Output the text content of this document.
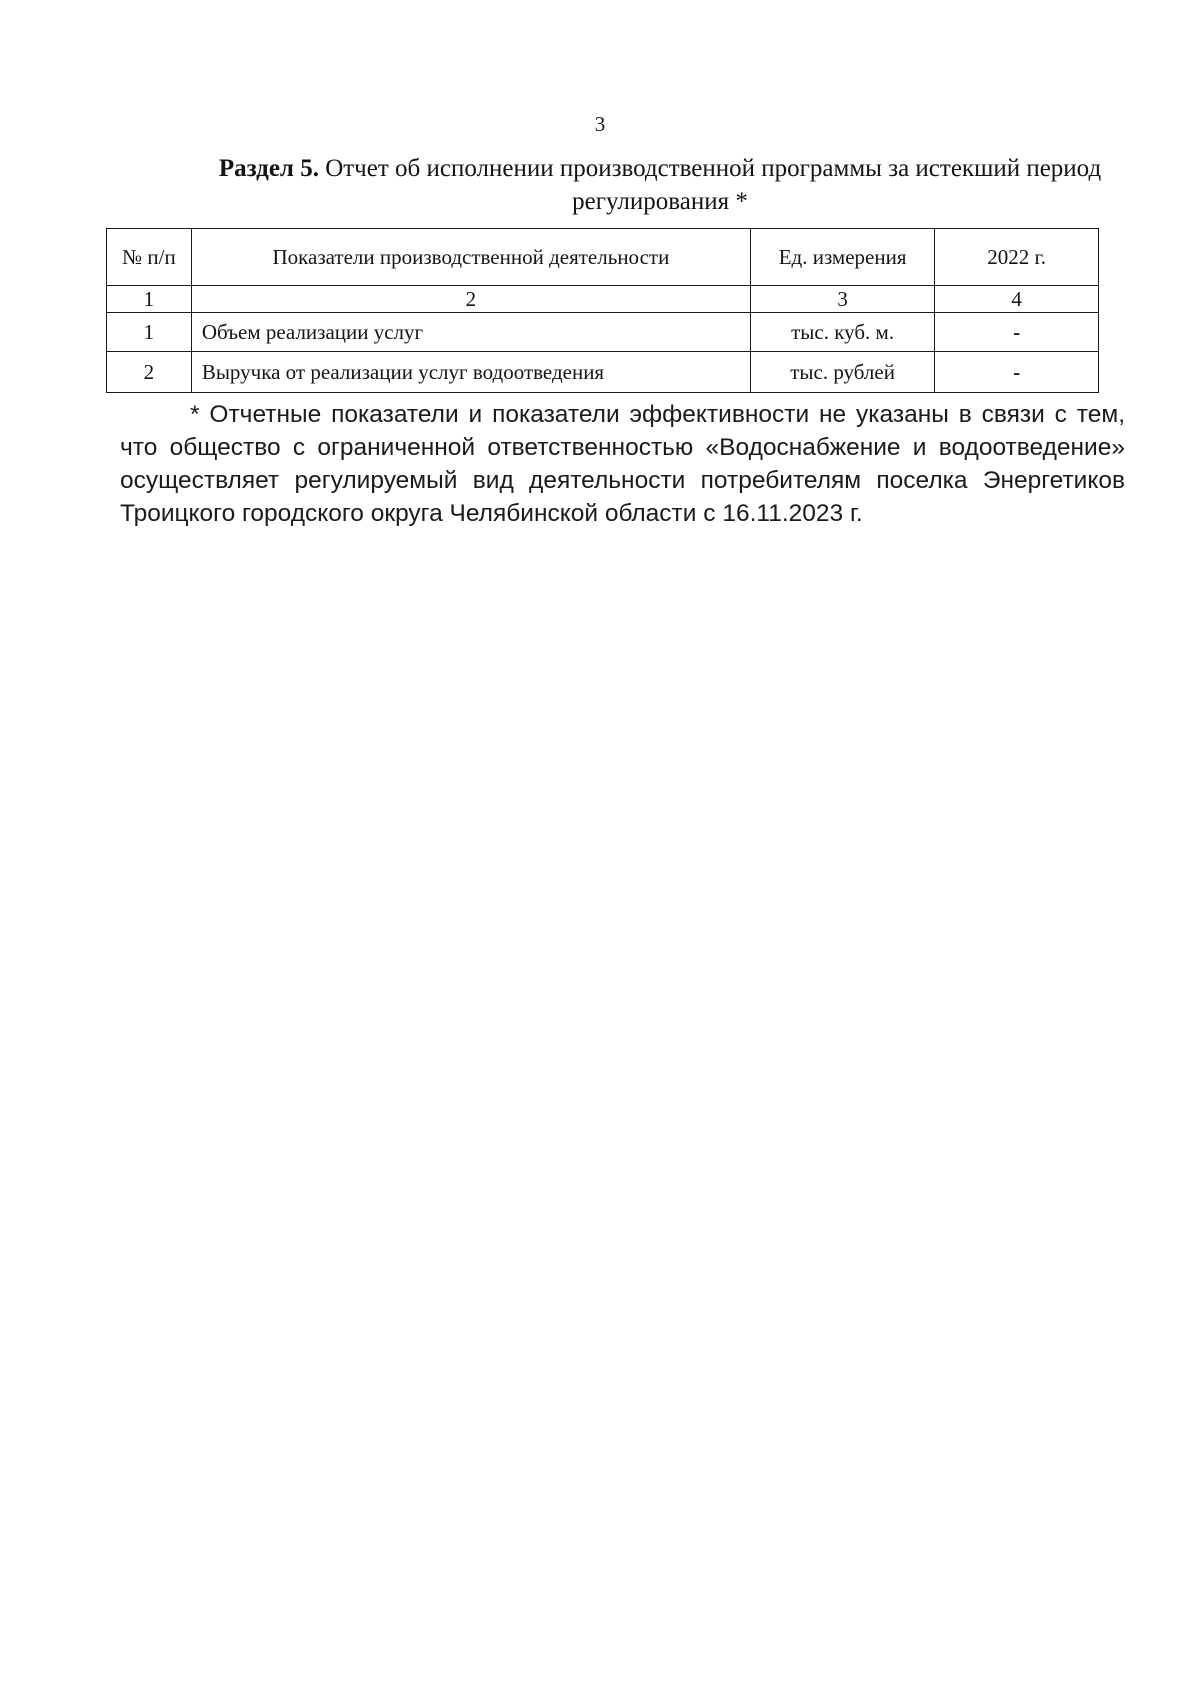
3
Раздел 5. Отчет об исполнении производственной программы за истекший период регулирования *
№ п/п	Показатели производственной деятельности	Ед. измерения	2022 г.
1	2	3	4
1	Объем реализации услуг	тыс. куб. м.	-
2	Выручка от реализации услуг водоотведения	тыс. рублей	-
* Отчетные показатели и показатели эффективности не указаны в связи с тем, что общество с ограниченной ответственностью «Водоснабжение и водоотведение» осуществляет регулируемый вид деятельности потребителям поселка Энергетиков Троицкого городского округа Челябинской области с 16.11.2023 г.
